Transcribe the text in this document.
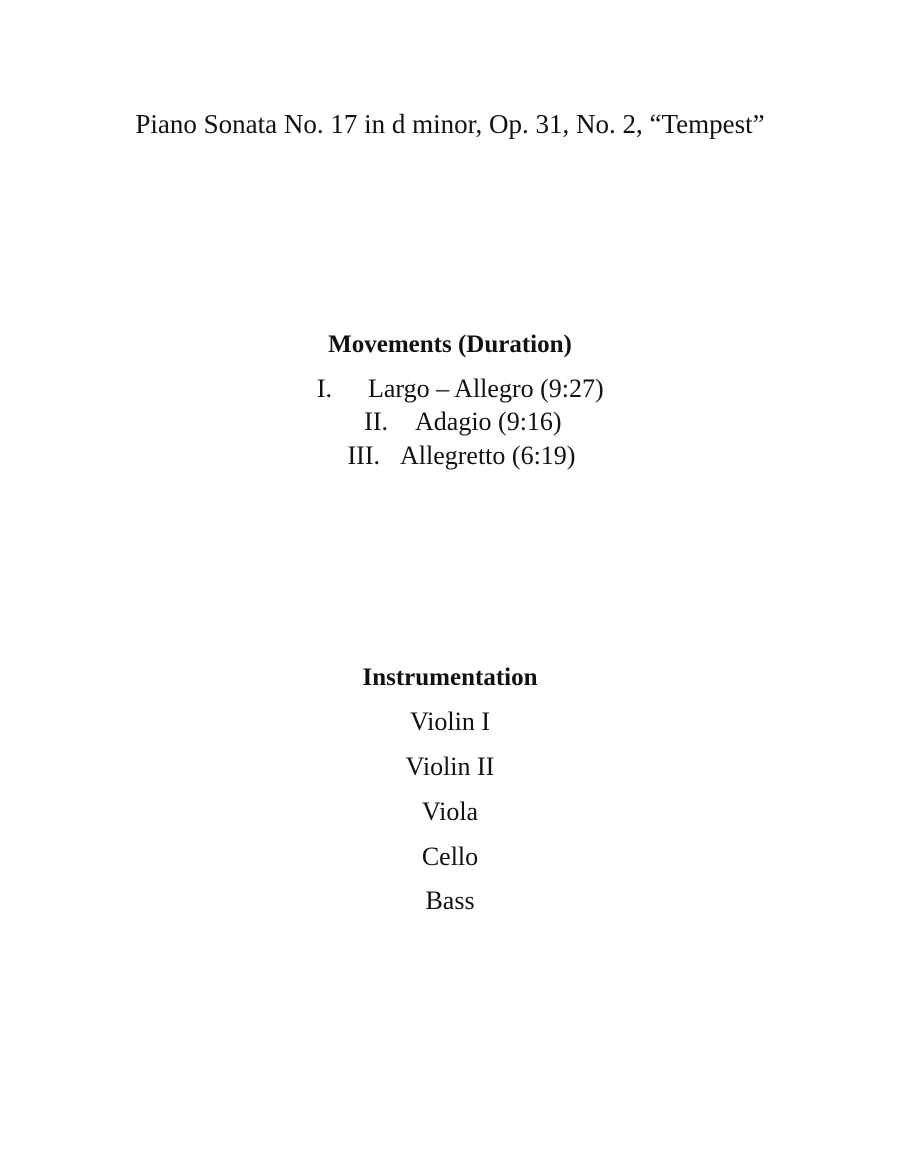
Piano Sonata No. 17 in d minor, Op. 31, No. 2, “Tempest”
Movements (Duration)
I. Largo – Allegro (9:27)
II. Adagio (9:16)
III. Allegretto (6:19)
Instrumentation
Violin I
Violin II
Viola
Cello
Bass
